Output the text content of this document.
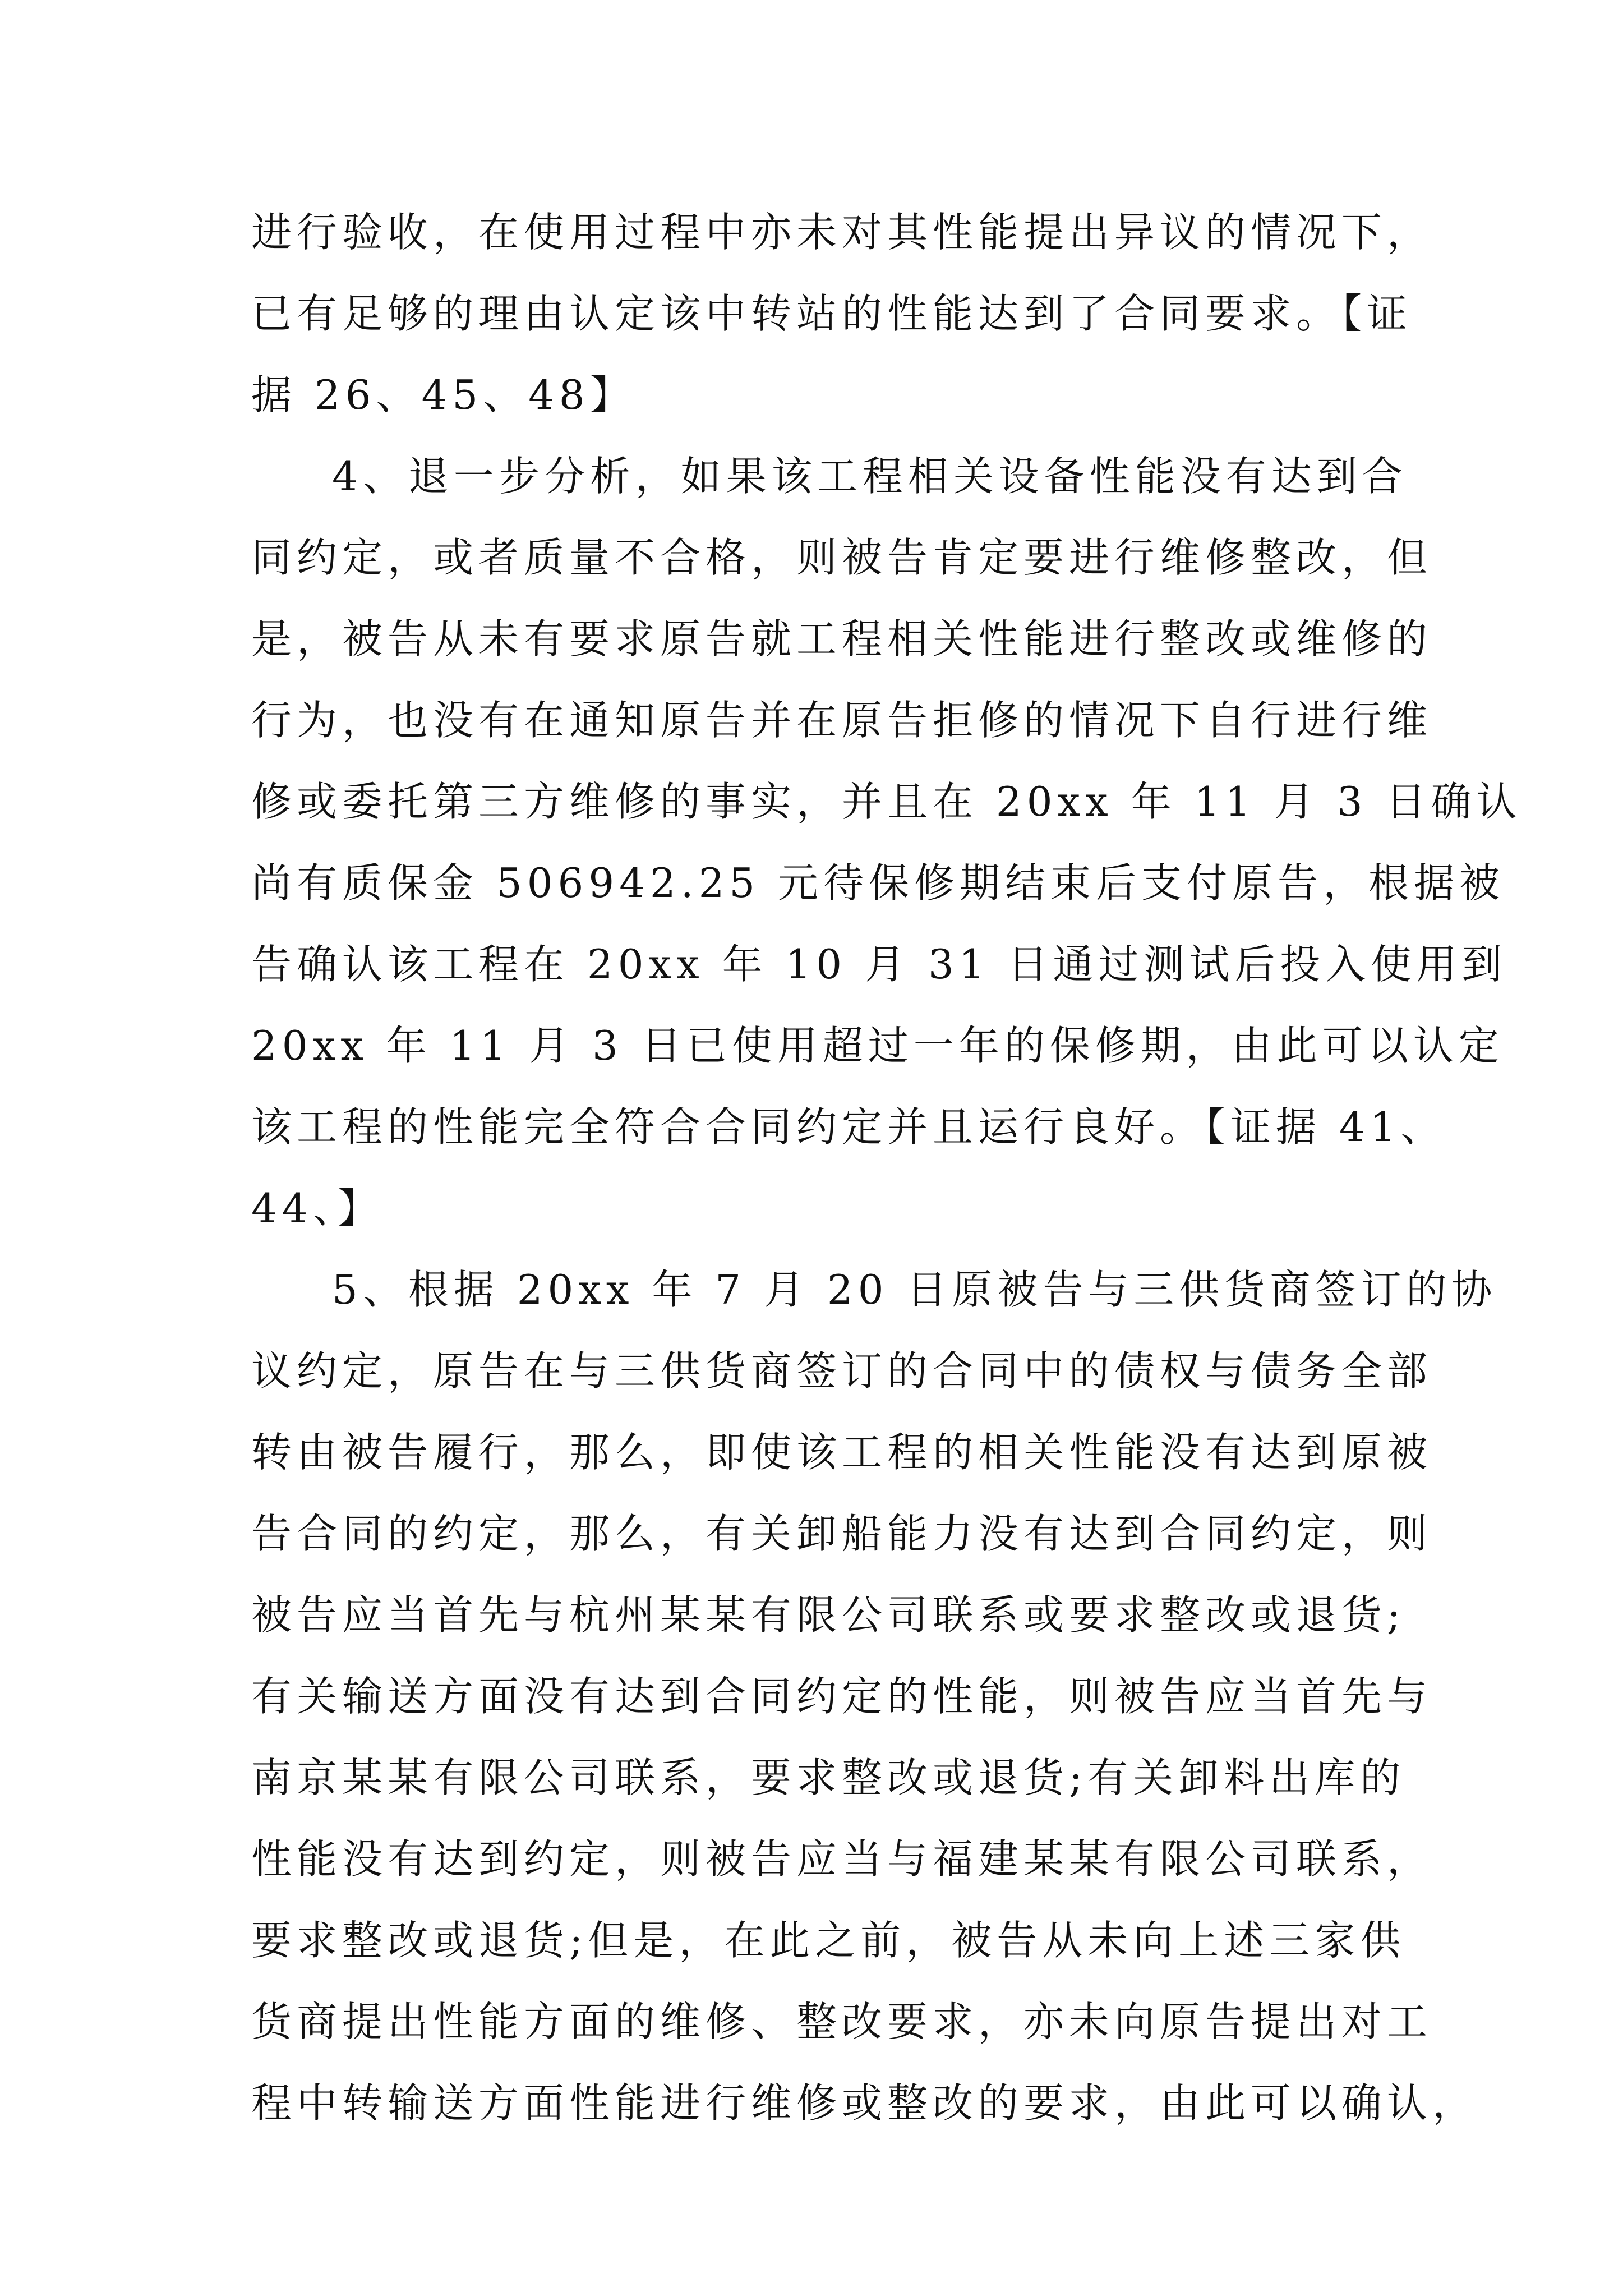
进行验收，在使用过程中亦未对其性能提出异议的情况下，
已有足够的理由认定该中转站的性能达到了合同要求。【证
据 26、45、48】
4、退一步分析，如果该工程相关设备性能没有达到合
同约定，或者质量不合格，则被告肯定要进行维修整改，但
是，被告从未有要求原告就工程相关性能进行整改或维修的
行为，也没有在通知原告并在原告拒修的情况下自行进行维
修或委托第三方维修的事实，并且在 20xx 年 11 月 3 日确认
尚有质保金 506942.25 元待保修期结束后支付原告，根据被
告确认该工程在 20xx 年 10 月 31 日通过测试后投入使用到
20xx 年 11 月 3 日已使用超过一年的保修期，由此可以认定
该工程的性能完全符合合同约定并且运行良好。【证据 41、
44、】
5、根据 20xx 年 7 月 20 日原被告与三供货商签订的协
议约定，原告在与三供货商签订的合同中的债权与债务全部
转由被告履行，那么，即使该工程的相关性能没有达到原被
告合同的约定，那么，有关卸船能力没有达到合同约定，则
被告应当首先与杭州某某有限公司联系或要求整改或退货;
有关输送方面没有达到合同约定的性能，则被告应当首先与
南京某某有限公司联系，要求整改或退货;有关卸料出库的
性能没有达到约定，则被告应当与福建某某有限公司联系，
要求整改或退货;但是，在此之前，被告从未向上述三家供
货商提出性能方面的维修、整改要求，亦未向原告提出对工
程中转输送方面性能进行维修或整改的要求，由此可以确认，
